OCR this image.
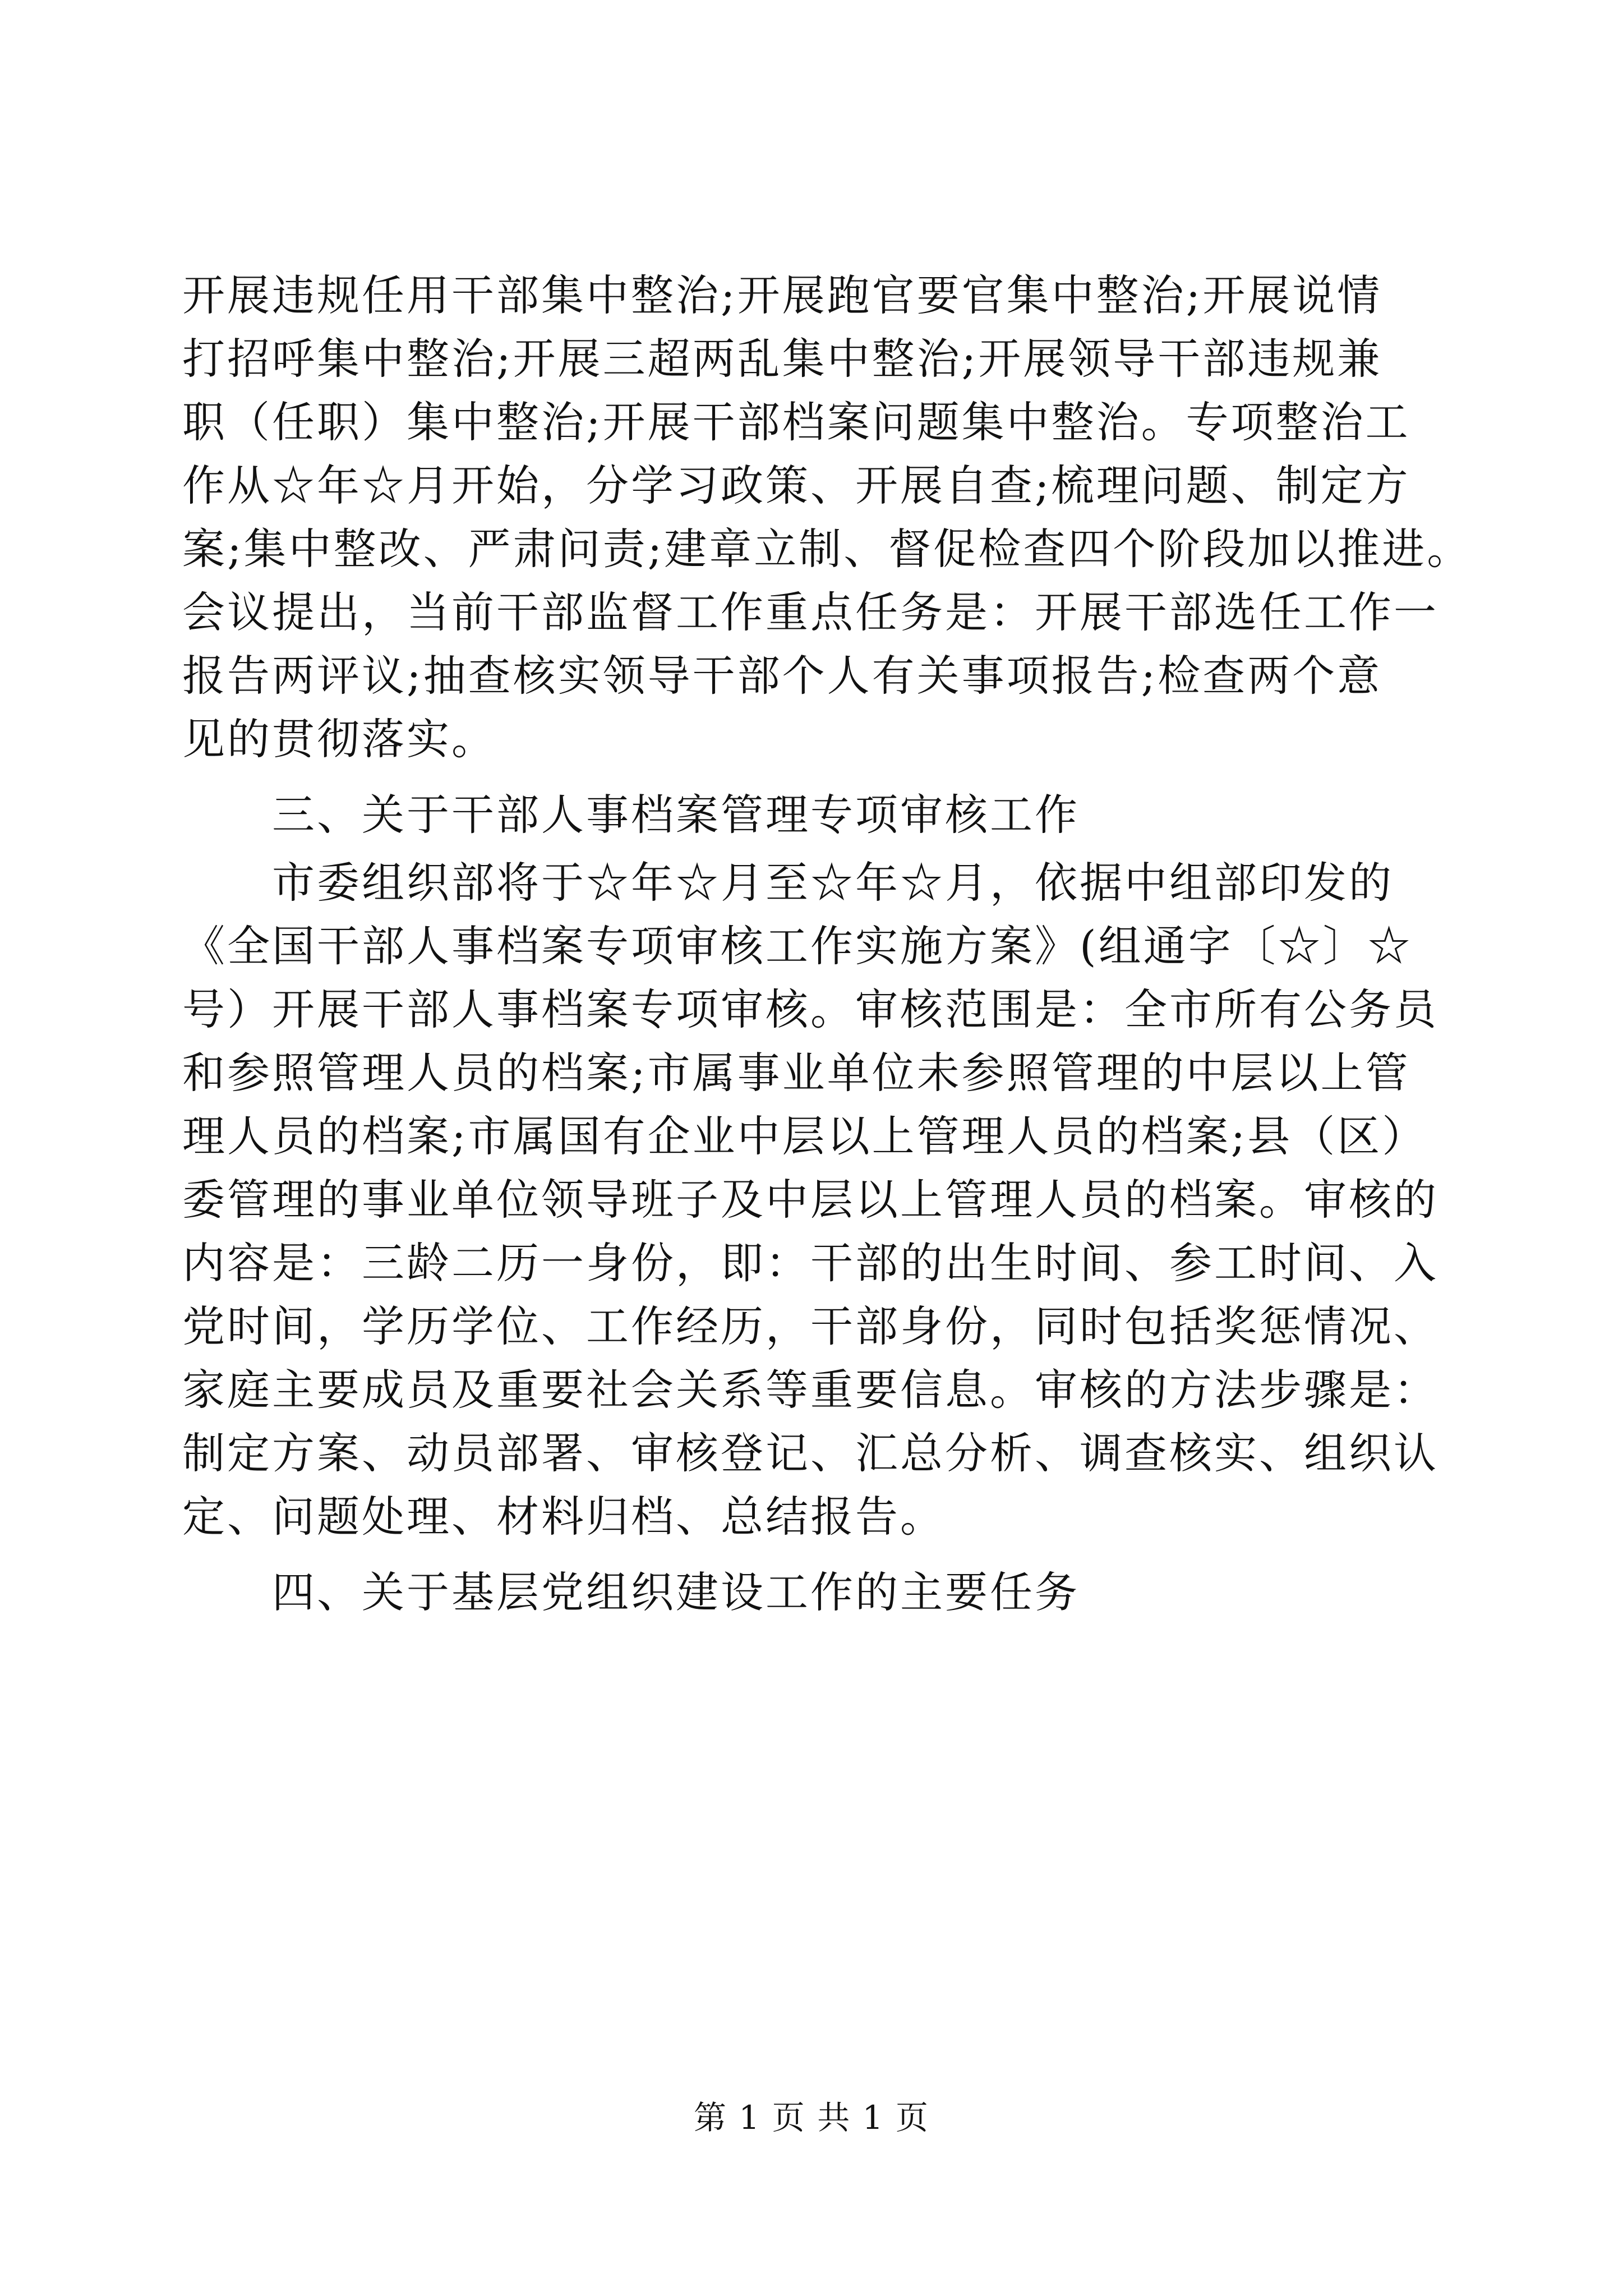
开展违规任用干部集中整治;开展跑官要官集中整治;开展说情
打招呼集中整治;开展三超两乱集中整治;开展领导干部违规兼
职（任职）集中整治;开展干部档案问题集中整治。专项整治工
作从☆年☆月开始，分学习政策、开展自查;梳理问题、制定方
案;集中整改、严肃问责;建章立制、督促检查四个阶段加以推进。
会议提出，当前干部监督工作重点任务是：开展干部选任工作一
报告两评议;抽查核实领导干部个人有关事项报告;检查两个意
见的贯彻落实。
　　三、关于干部人事档案管理专项审核工作
　　市委组织部将于☆年☆月至☆年☆月，依据中组部印发的
《全国干部人事档案专项审核工作实施方案》(组通字〔☆〕☆
号）开展干部人事档案专项审核。审核范围是：全市所有公务员
和参照管理人员的档案;市属事业单位未参照管理的中层以上管
理人员的档案;市属国有企业中层以上管理人员的档案;县（区）
委管理的事业单位领导班子及中层以上管理人员的档案。审核的
内容是：三龄二历一身份，即：干部的出生时间、参工时间、入
党时间，学历学位、工作经历，干部身份，同时包括奖惩情况、
家庭主要成员及重要社会关系等重要信息。审核的方法步骤是：
制定方案、动员部署、审核登记、汇总分析、调查核实、组织认
定、问题处理、材料归档、总结报告。
　　四、关于基层党组织建设工作的主要任务
第 1 页 共 1 页
